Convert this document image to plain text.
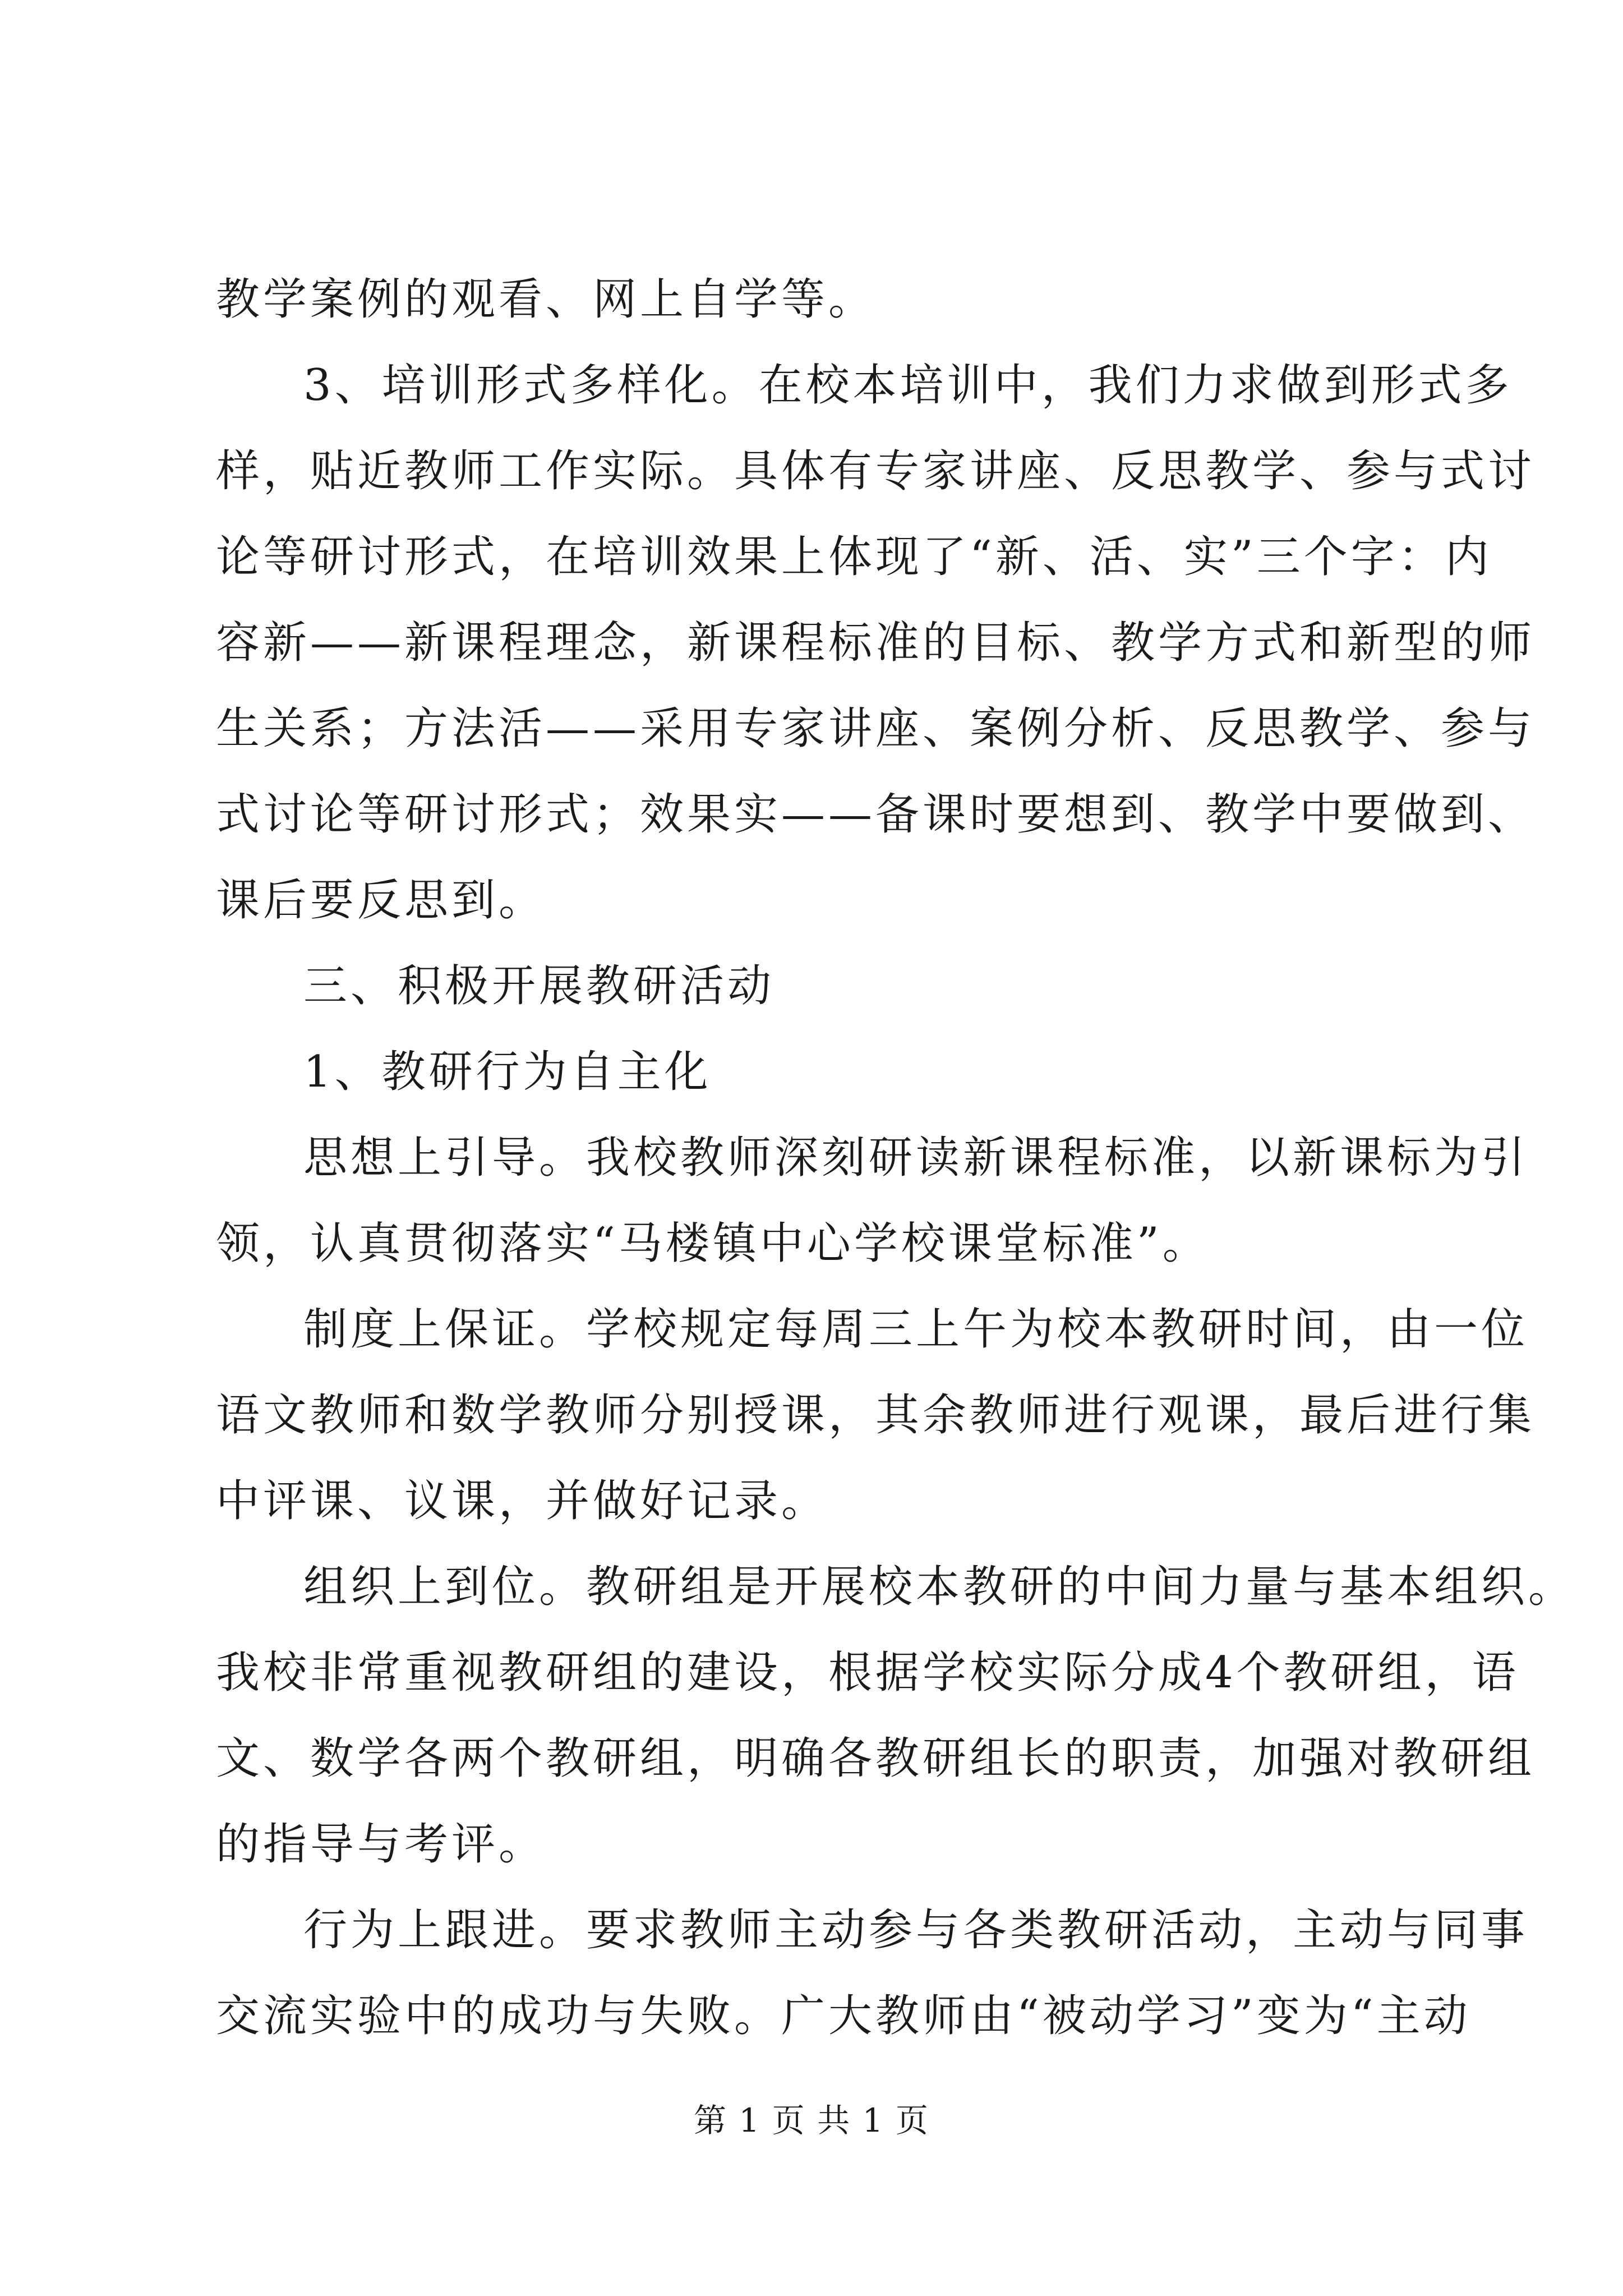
教学案例的观看、网上自学等。
3、培训形式多样化。在校本培训中，我们力求做到形式多
样，贴近教师工作实际。具体有专家讲座、反思教学、参与式讨
论等研讨形式，在培训效果上体现了“新、活、实”三个字：内
容新——新课程理念，新课程标准的目标、教学方式和新型的师
生关系；方法活——采用专家讲座、案例分析、反思教学、参与
式讨论等研讨形式；效果实——备课时要想到、教学中要做到、
课后要反思到。
三、积极开展教研活动
1、教研行为自主化
思想上引导。我校教师深刻研读新课程标准，以新课标为引
领，认真贯彻落实“马楼镇中心学校课堂标准”。
制度上保证。学校规定每周三上午为校本教研时间，由一位
语文教师和数学教师分别授课，其余教师进行观课，最后进行集
中评课、议课，并做好记录。
组织上到位。教研组是开展校本教研的中间力量与基本组织。
我校非常重视教研组的建设，根据学校实际分成4个教研组，语
文、数学各两个教研组，明确各教研组长的职责，加强对教研组
的指导与考评。
行为上跟进。要求教师主动参与各类教研活动，主动与同事
交流实验中的成功与失败。广大教师由“被动学习”变为“主动
第 1 页 共 1 页
